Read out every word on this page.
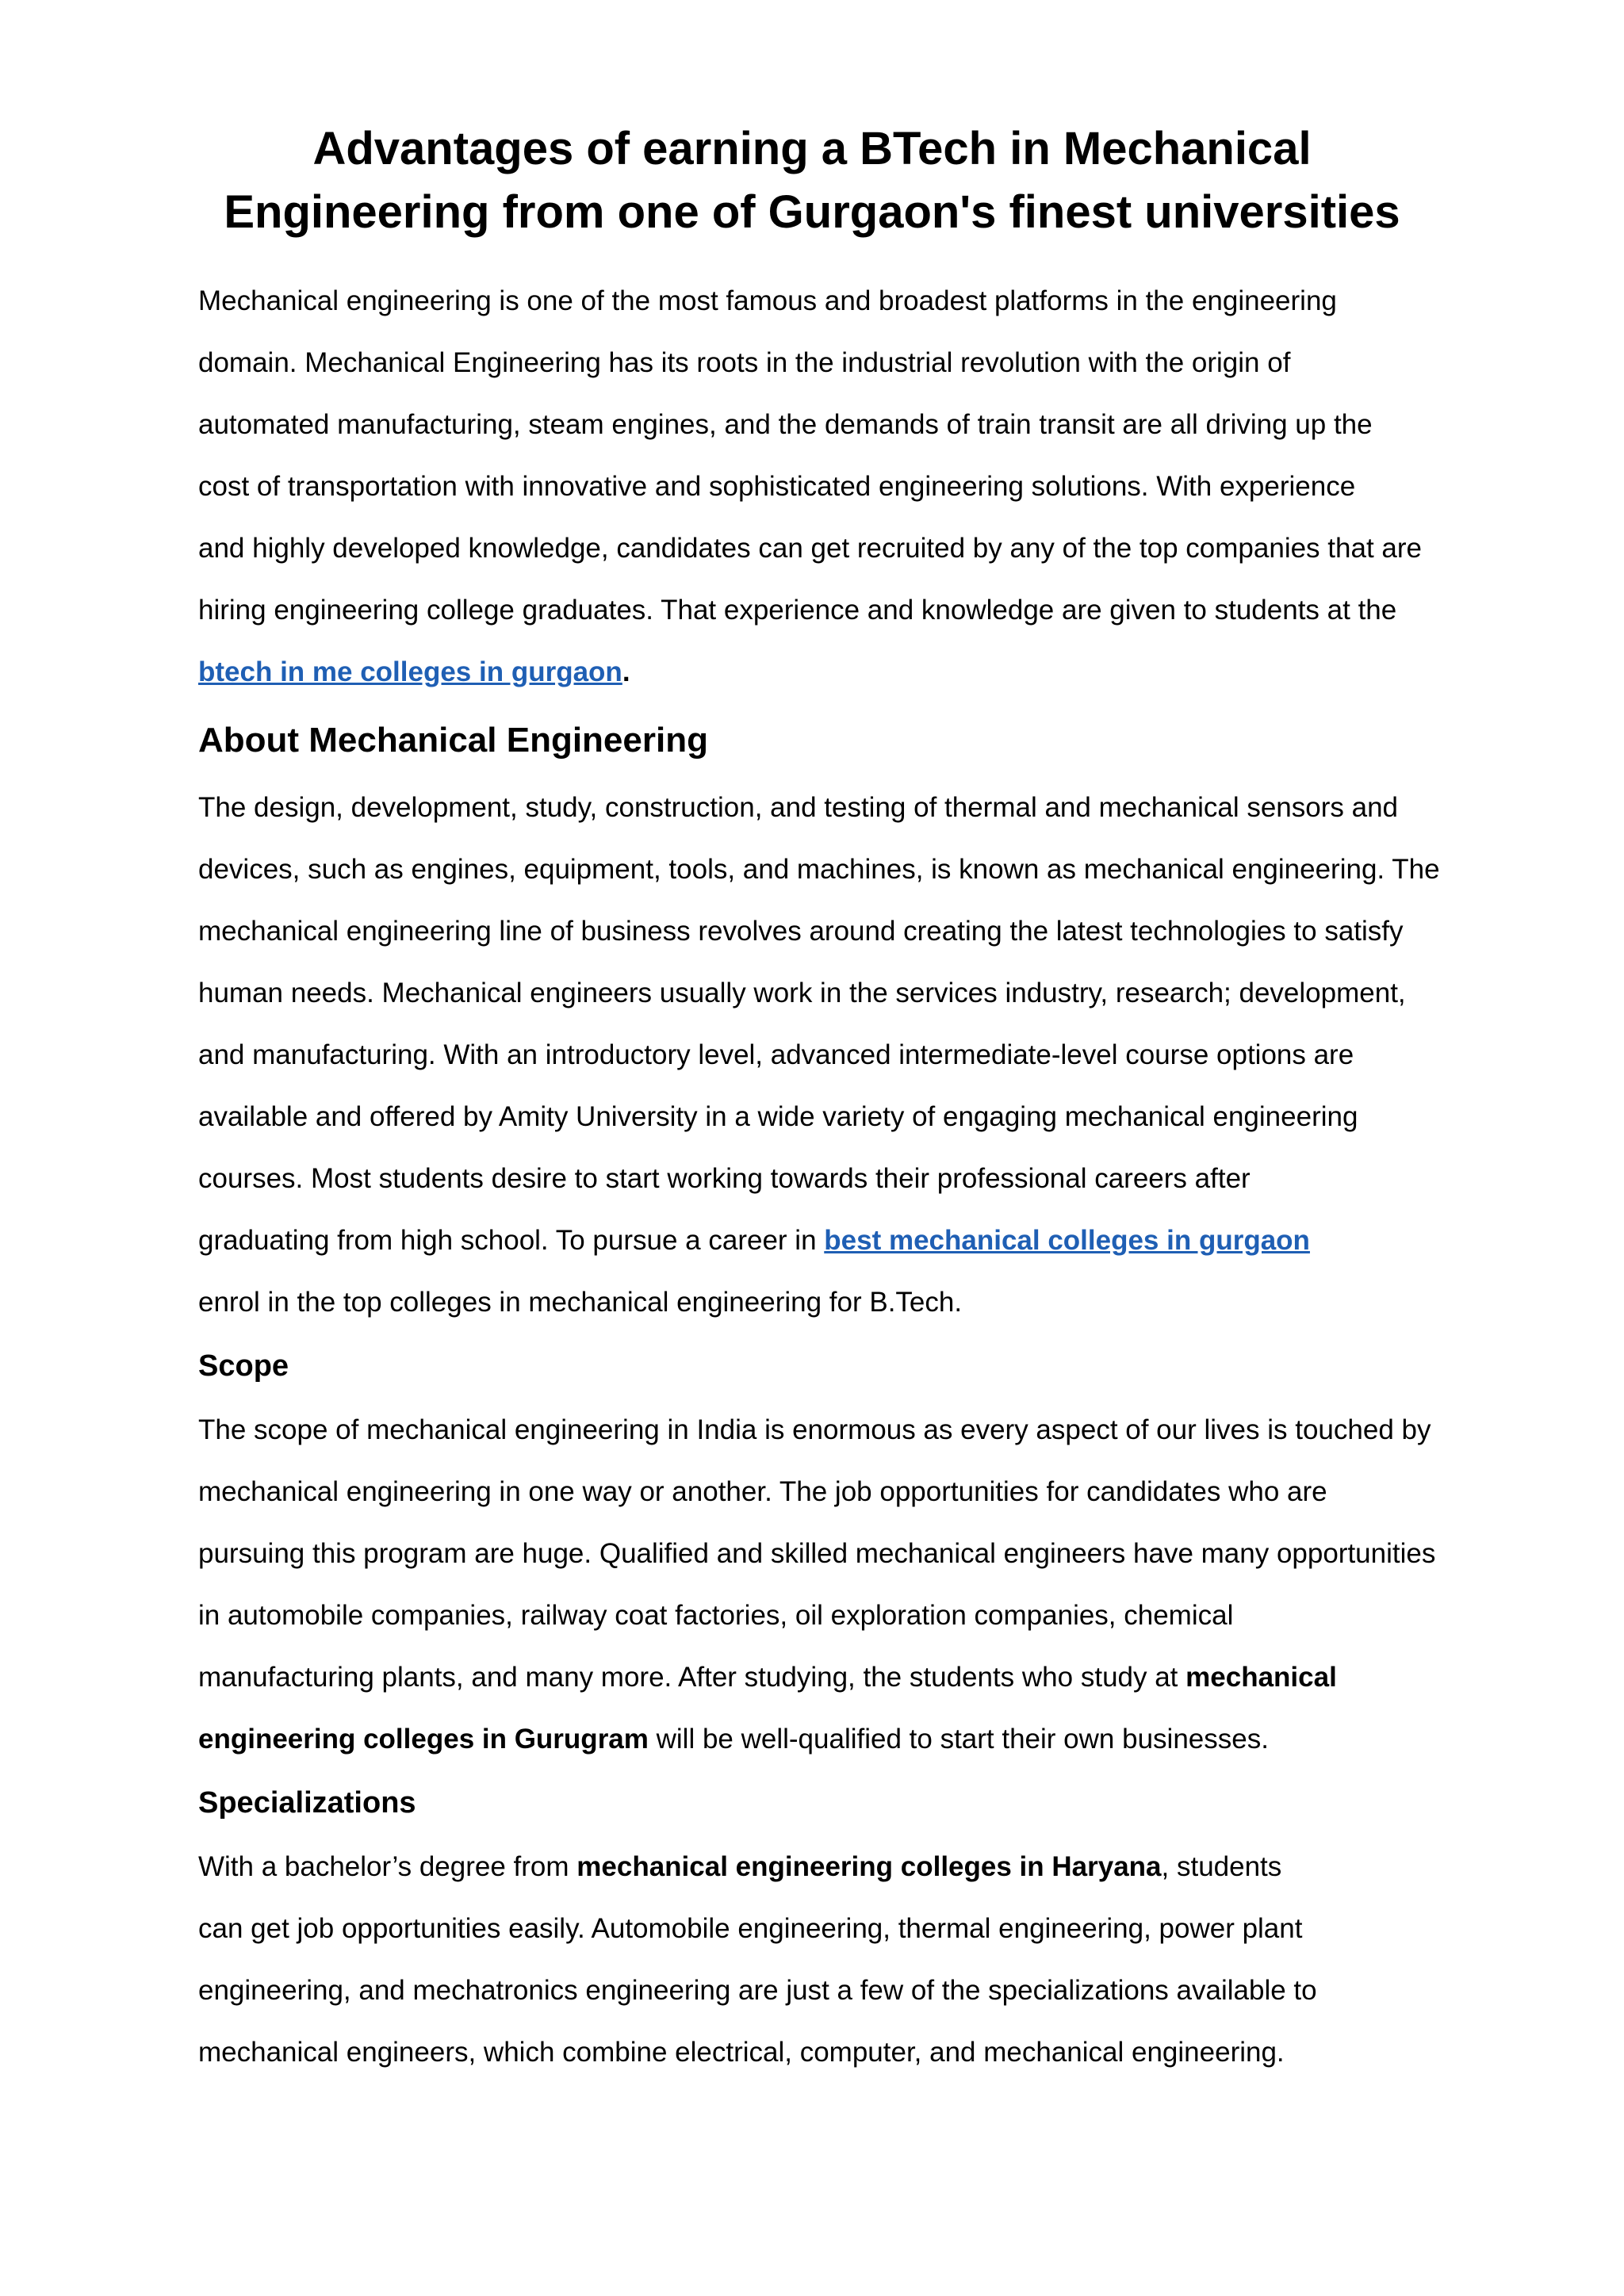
Advantages of earning a BTech in Mechanical
Engineering from one of Gurgaon's finest universities

Mechanical engineering is one of the most famous and broadest platforms in the engineering

domain. Mechanical Engineering has its roots in the industrial revolution with the origin of

automated manufacturing, steam engines, and the demands of train transit are all driving up the

cost of transportation with innovative and sophisticated engineering solutions. With experience

and highly developed knowledge, candidates can get recruited by any of the top companies that are

hiring engineering college graduates. That experience and knowledge are given to students at the

btech in me colleges in gurgaon.

About Mechanical Engineering

The design, development, study, construction, and testing of thermal and mechanical sensors and

devices, such as engines, equipment, tools, and machines, is known as mechanical engineering. The

mechanical engineering line of business revolves around creating the latest technologies to satisfy

human needs. Mechanical engineers usually work in the services industry, research; development,

and manufacturing. With an introductory level, advanced intermediate-level course options are

available and offered by Amity University in a wide variety of engaging mechanical engineering

courses. Most students desire to start working towards their professional careers after

graduating from high school. To pursue a career in best mechanical colleges in gurgaon

enrol in the top colleges in mechanical engineering for B.Tech.

Scope

The scope of mechanical engineering in India is enormous as every aspect of our lives is touched by

mechanical engineering in one way or another. The job opportunities for candidates who are

pursuing this program are huge. Qualified and skilled mechanical engineers have many opportunities

in automobile companies, railway coat factories, oil exploration companies, chemical

manufacturing plants, and many more. After studying, the students who study at mechanical

engineering colleges in Gurugram will be well-qualified to start their own businesses.

Specializations

With a bachelor’s degree from mechanical engineering colleges in Haryana, students

can get job opportunities easily. Automobile engineering, thermal engineering, power plant

engineering, and mechatronics engineering are just a few of the specializations available to

mechanical engineers, which combine electrical, computer, and mechanical engineering.
